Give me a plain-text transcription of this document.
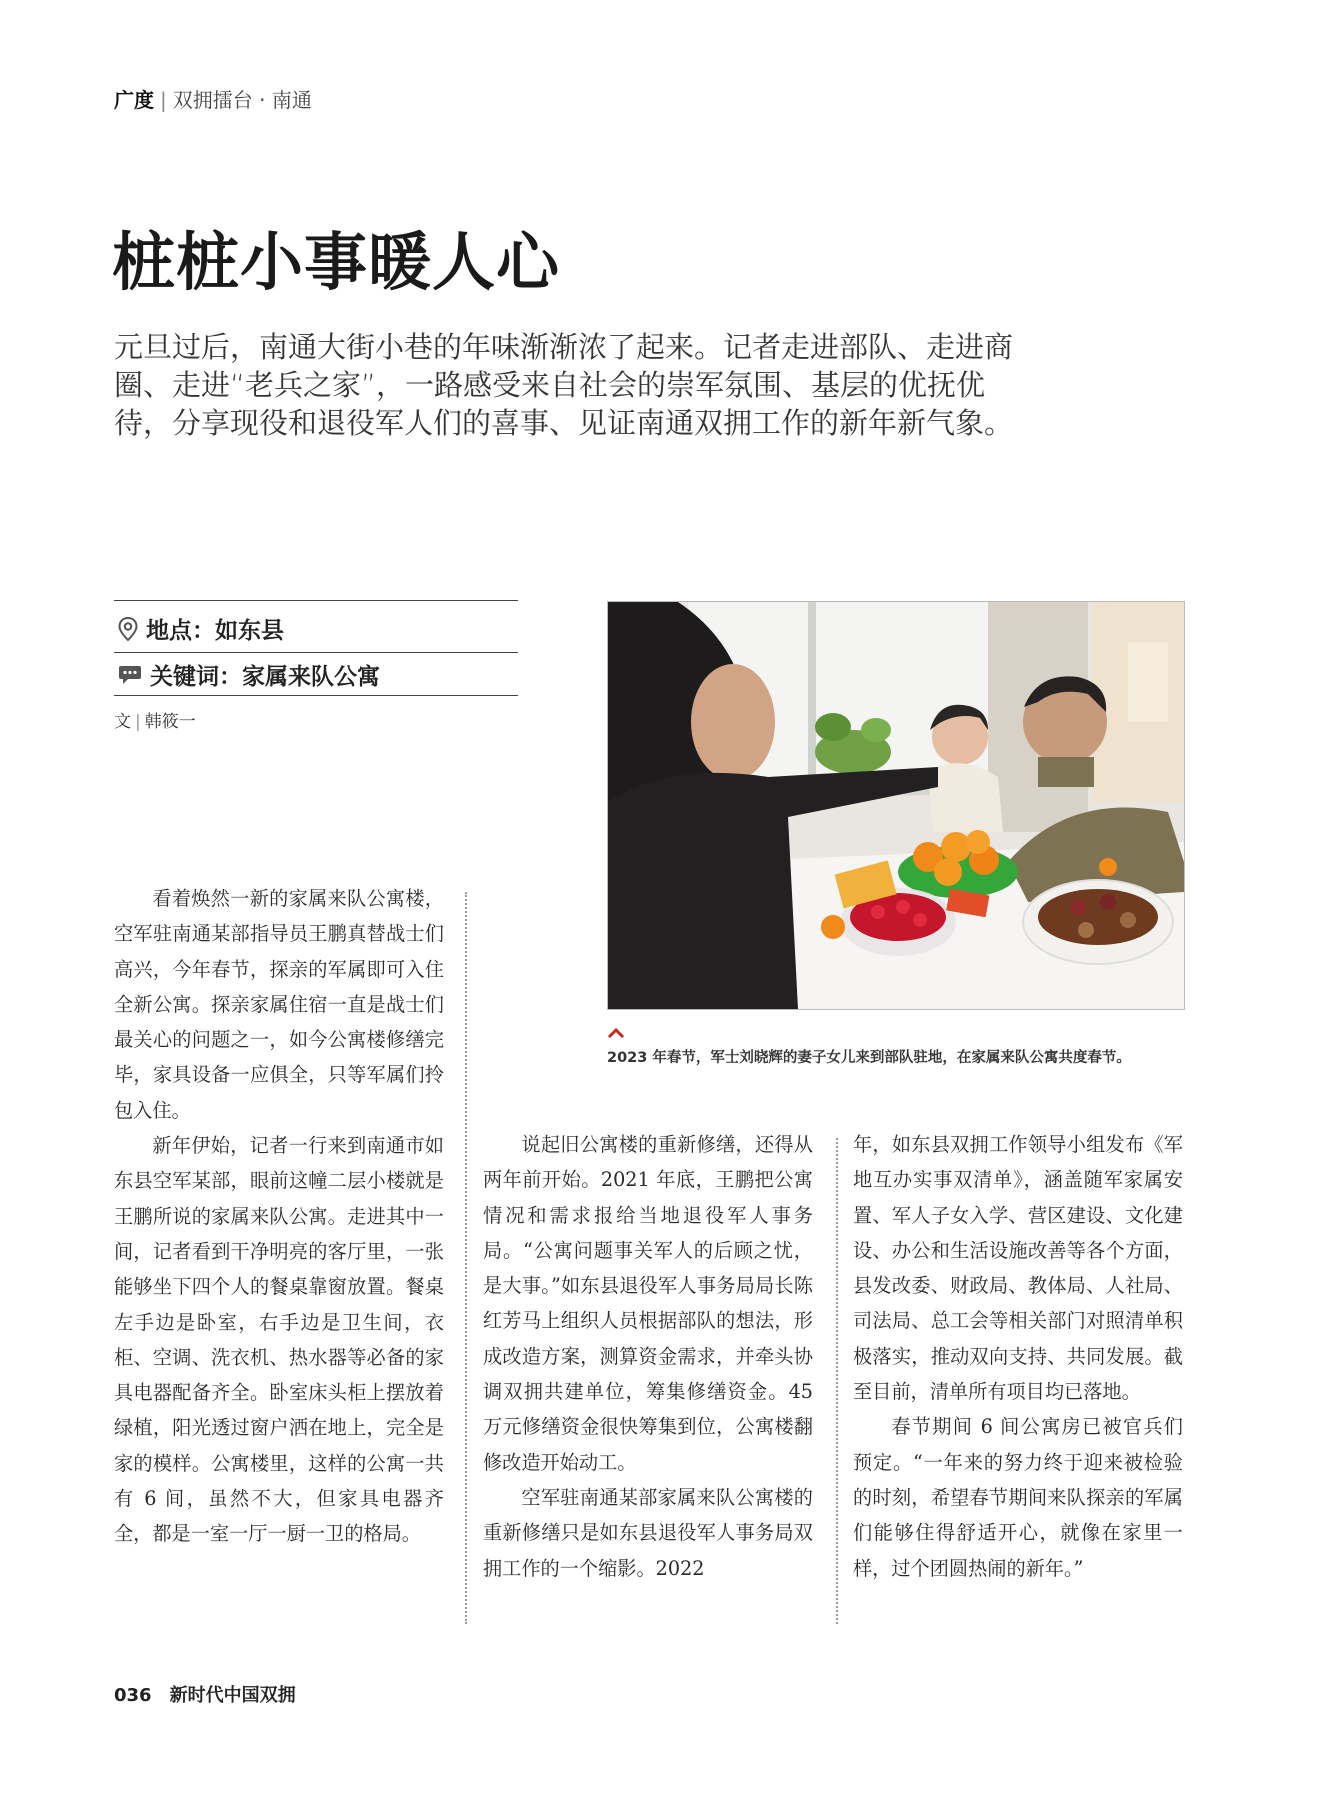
广度 | 双拥擂台 · 南通
桩桩小事暖人心
元旦过后，南通大街小巷的年味渐渐浓了起来。记者走进部队、走进商圈、走进“老兵之家”，一路感受来自社会的崇军氛围、基层的优抚优待，分享现役和退役军人们的喜事、见证南通双拥工作的新年新气象。
地点：如东县
关键词：家属来队公寓
文 | 韩筱一
2023 年春节，军士刘晓辉的妻子女儿来到部队驻地，在家属来队公寓共度春节。

看着焕然一新的家属来队公寓楼，空军驻南通某部指导员王鹏真替战士们高兴，今年春节，探亲的军属即可入住全新公寓。探亲家属住宿一直是战士们最关心的问题之一，如今公寓楼修缮完毕，家具设备一应俱全，只等军属们拎包入住。

新年伊始，记者一行来到南通市如东县空军某部，眼前这幢二层小楼就是王鹏所说的家属来队公寓。走进其中一间，记者看到干净明亮的客厅里，一张能够坐下四个人的餐桌靠窗放置。餐桌左手边是卧室，右手边是卫生间，衣柜、空调、洗衣机、热水器等必备的家具电器配备齐全。卧室床头柜上摆放着绿植，阳光透过窗户洒在地上，完全是家的模样。公寓楼里，这样的公寓一共有 6 间，虽然不大，但家具电器齐全，都是一室一厅一厨一卫的格局。

说起旧公寓楼的重新修缮，还得从两年前开始。2021 年底，王鹏把公寓情况和需求报给当地退役军人事务局。“公寓问题事关军人的后顾之忧，是大事。”如东县退役军人事务局局长陈红芳马上组织人员根据部队的想法，形成改造方案，测算资金需求，并牵头协调双拥共建单位，筹集修缮资金。45 万元修缮资金很快筹集到位，公寓楼翻修改造开始动工。

空军驻南通某部家属来队公寓楼的重新修缮只是如东县退役军人事务局双拥工作的一个缩影。2022

年，如东县双拥工作领导小组发布《军地互办实事双清单》，涵盖随军家属安置、军人子女入学、营区建设、文化建设、办公和生活设施改善等各个方面，县发改委、财政局、教体局、人社局、司法局、总工会等相关部门对照清单积极落实，推动双向支持、共同发展。截至目前，清单所有项目均已落地。

春节期间 6 间公寓房已被官兵们预定。“一年来的努力终于迎来被检验的时刻，希望春节期间来队探亲的军属们能够住得舒适开心，就像在家里一样，过个团圆热闹的新年。”

036 新时代中国双拥
